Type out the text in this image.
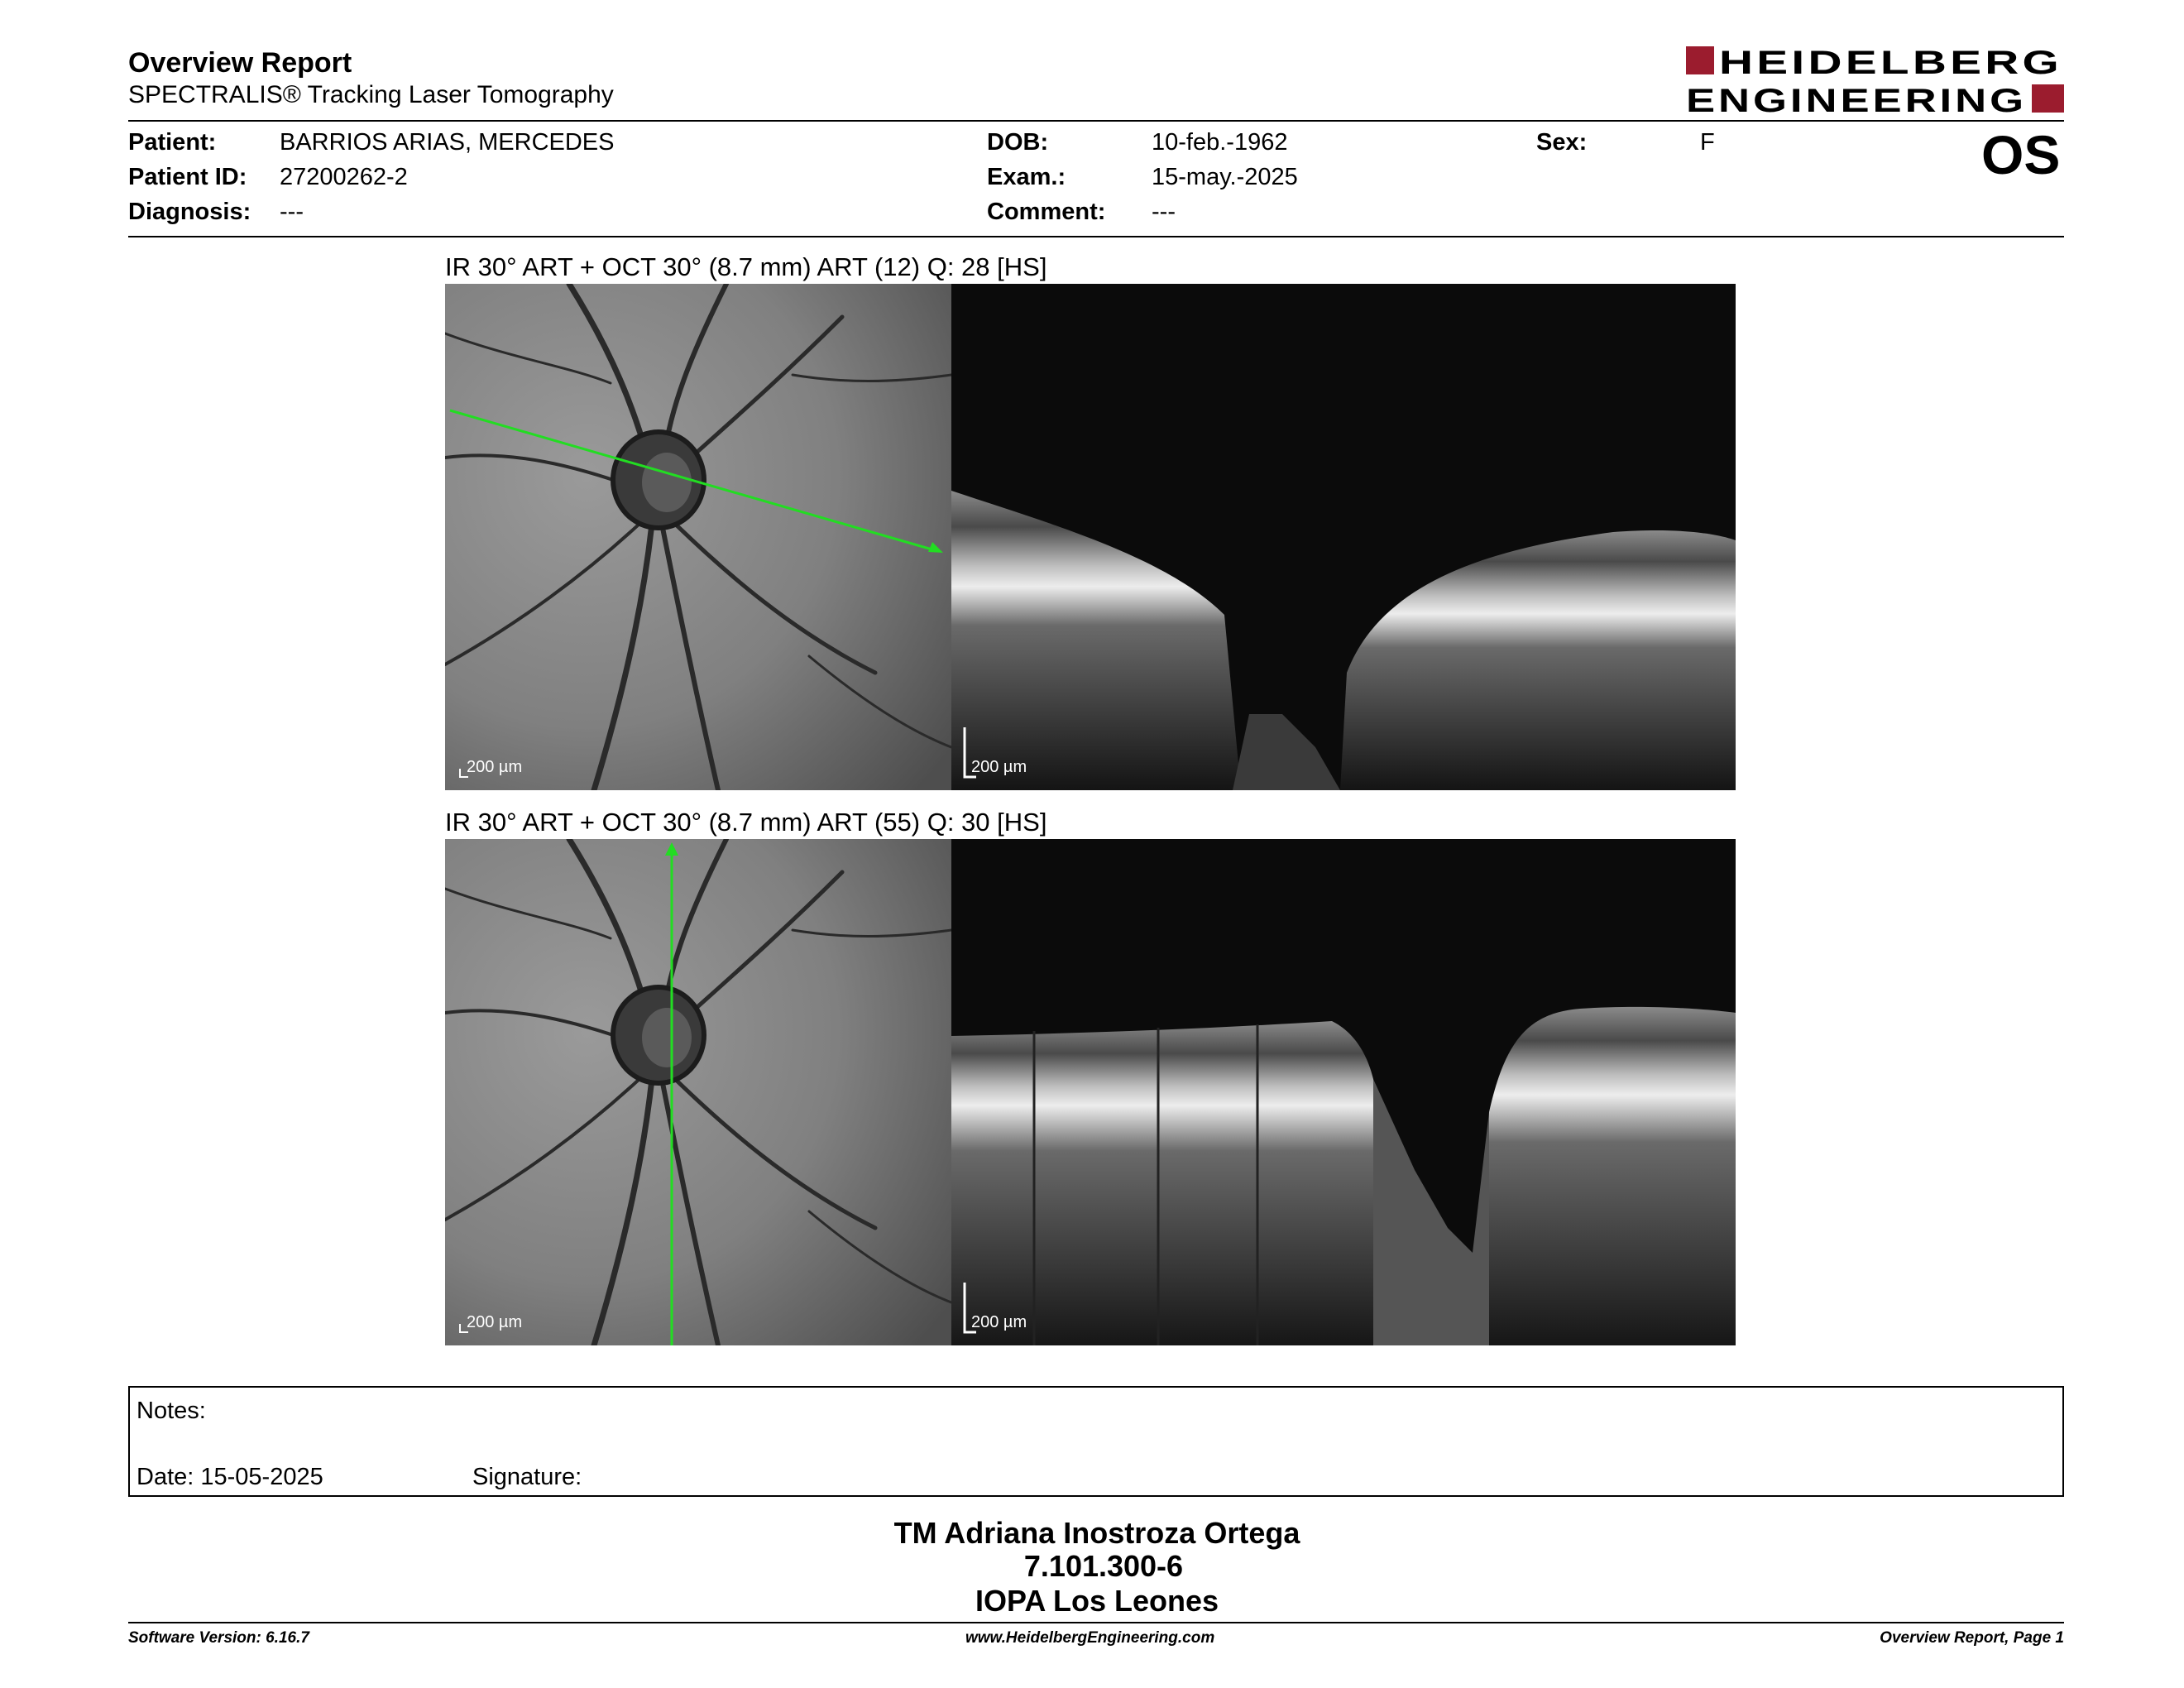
Overview Report
SPECTRALIS® Tracking Laser Tomography
HEIDELBERG
ENGINEERING
Patient:	BARRIOS ARIAS, MERCEDES
Patient ID: 27200262-2
Diagnosis: ---
DOB:	10-feb.-1962
Exam.:	15-may.-2025
Comment: ---
Sex:	F	OS
IR 30° ART + OCT 30° (8.7 mm) ART (12) Q: 28 [HS]
200 µm	200 µm
IR 30° ART + OCT 30° (8.7 mm) ART (55) Q: 30 [HS]
200 µm	200 µm
Notes:
Date: 15-05-2025	Signature:
TM Adriana Inostroza Ortega
7.101.300-6
IOPA Los Leones
Software Version: 6.16.7	www.HeidelbergEngineering.com	Overview Report, Page 1
